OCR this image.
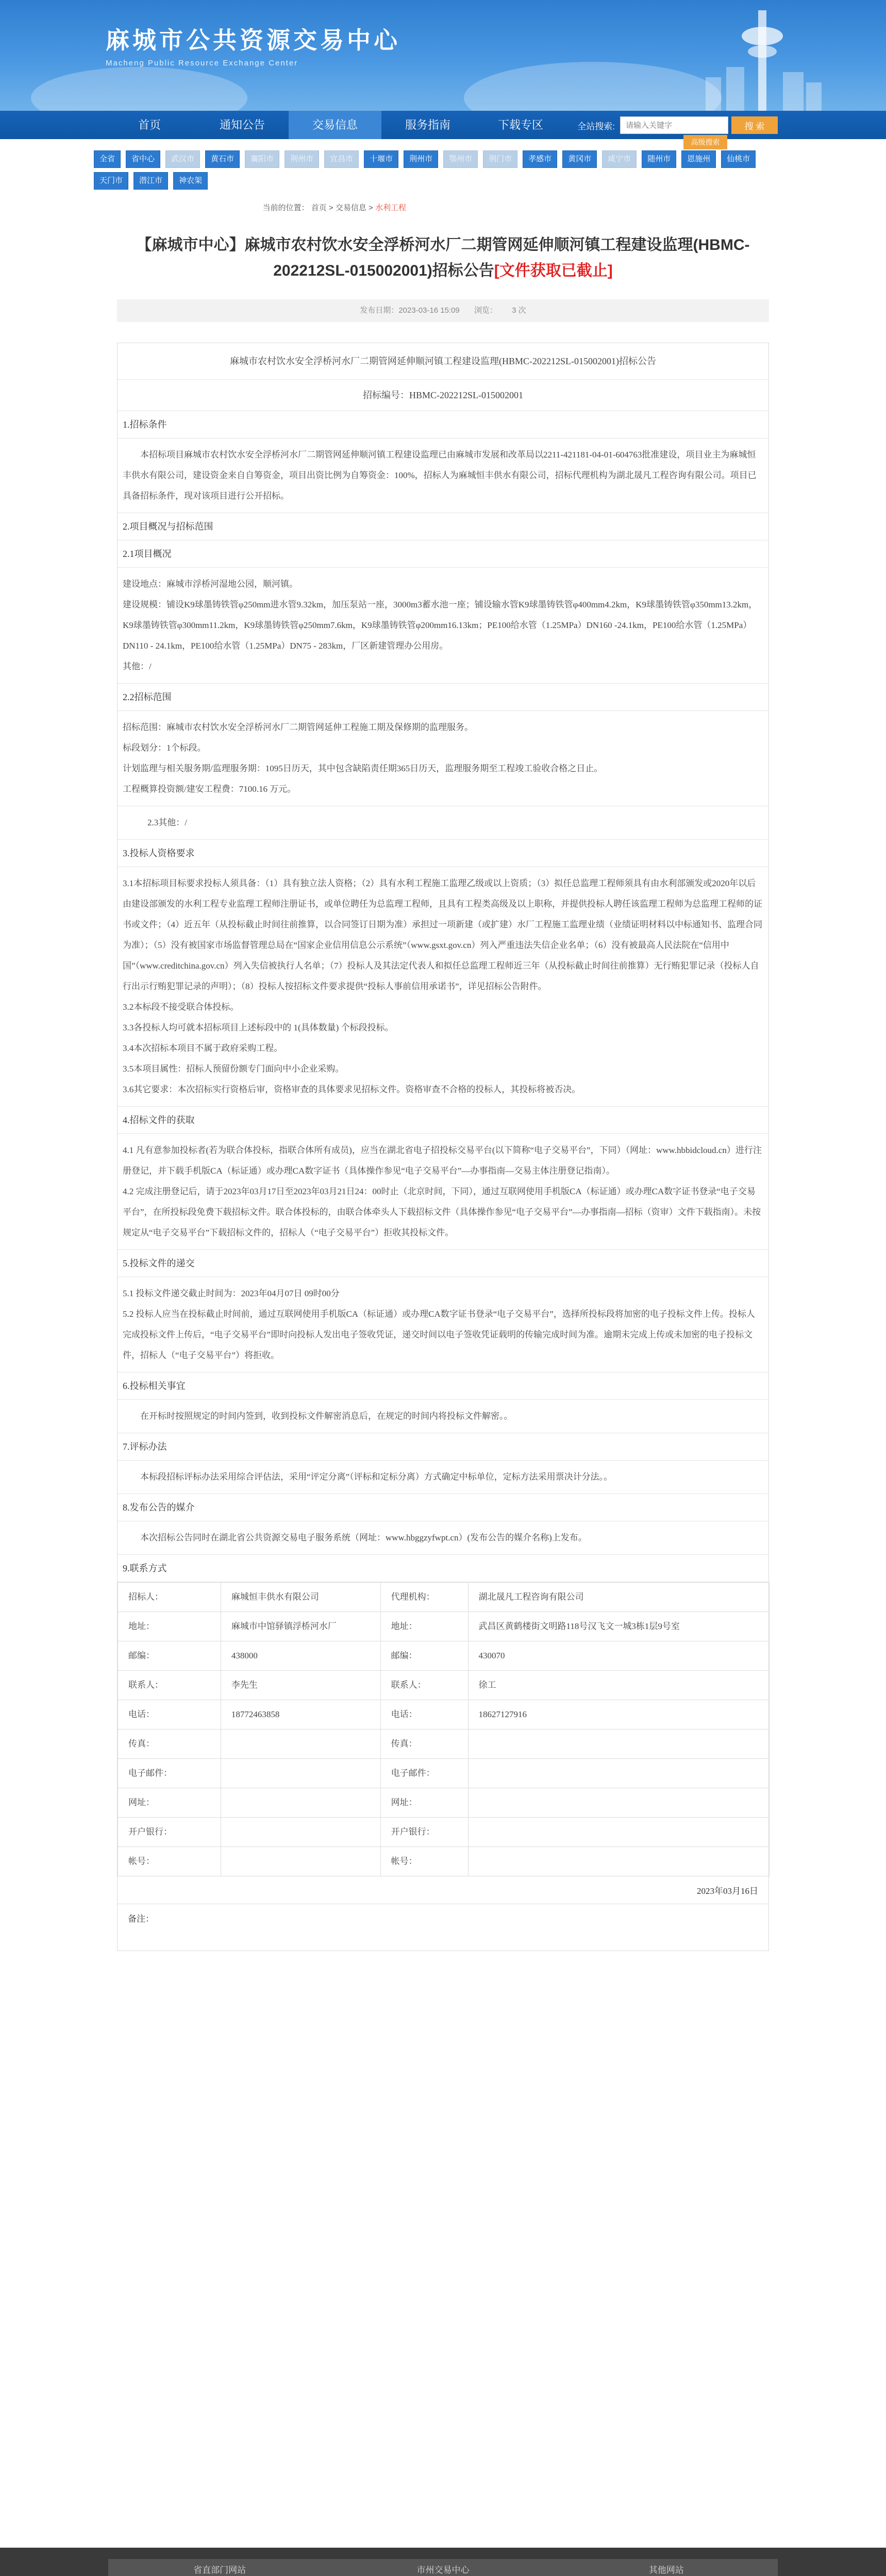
麻城市公共资源交易中心
Macheng Public Resource Exchange Center
首页	通知公告	交易信息	服务指南	下载专区	全站搜索:
请输入关键字	搜 索
高级搜索
全省	省中心	武汉市	黄石市	襄阳市	荆州市	宜昌市	十堰市	荆州市	鄂州市	荆门市	孝感市	黄冈市	咸宁市	随州市	恩施州	仙桃市
天门市	潜江市	神农架
当前的位置： 首页 > 交易信息 > 水利工程
【麻城市中心】麻城市农村饮水安全浮桥河水厂二期管网延伸顺河镇工程建设监理(HBMC-202212SL-015002001)招标公告[文件获取已截止]
发布日期：2023-03-16 15:09 浏览： 3 次
麻城市农村饮水安全浮桥河水厂二期管网延伸顺河镇工程建设监理(HBMC-202212SL-015002001)招标公告
招标编号：HBMC-202212SL-015002001
1.招标条件

本招标项目麻城市农村饮水安全浮桥河水厂二期管网延伸顺河镇工程建设监理已由麻城市发展和改革局以2211-421181-04-01-604763批准建设，项目业主为麻城恒丰供水有限公司，建设资金来自自筹资金，项目出资比例为自筹资金：100%，招标人为麻城恒丰供水有限公司，招标代理机构为湖北晟凡工程咨询有限公司。项目已具备招标条件，现对该项目进行公开招标。

2.项目概况与招标范围
2.1项目概况

建设地点：麻城市浮桥河湿地公园，顺河镇。

建设规模：铺设K9球墨铸铁管φ250mm进水管9.32km，加压泵站一座，3000m3蓄水池一座；铺设输水管K9球墨铸铁管φ400mm4.2km，K9球墨铸铁管φ350mm13.2km，K9球墨铸铁管φ300mm11.2km，K9球墨铸铁管φ250mm7.6km，K9球墨铸铁管φ200mm16.13km；PE100给水管（1.25MPa）DN160 -24.1km，PE100给水管（1.25MPa）DN110 - 24.1km，PE100给水管（1.25MPa）DN75 - 283km，厂区新建管理办公用房。

其他：/

2.2招标范围

招标范围：麻城市农村饮水安全浮桥河水厂二期管网延伸工程施工期及保修期的监理服务。

标段划分：1个标段。

计划监理与相关服务期/监理服务期：1095日历天，其中包含缺陷责任期365日历天，监理服务期至工程竣工验收合格之日止。

工程概算投资额/建安工程费：7100.16 万元。

2.3其他：/

3.投标人资格要求

3.1本招标项目标要求投标人须具备：（1）具有独立法人资格；（2）具有水利工程施工监理乙级或以上资质；（3）拟任总监理工程师须具有由水利部颁发或2020年以后由建设部颁发的水利工程专业监理工程师注册证书，或单位聘任为总监理工程师，且具有工程类高级及以上职称，并提供投标人聘任该监理工程师为总监理工程师的证书或文件；（4）近五年（从投标截止时间往前推算，以合同签订日期为准）承担过一项新建（或扩建）水厂工程施工监理业绩（业绩证明材料以中标通知书、监理合同为准）；（5）没有被国家市场监督管理总局在“国家企业信用信息公示系统”（www.gsxt.gov.cn）列入严重违法失信企业名单；（6）没有被最高人民法院在“信用中国”（www.creditchina.gov.cn）列入失信被执行人名单；（7）投标人及其法定代表人和拟任总监理工程师近三年（从投标截止时间往前推算）无行贿犯罪记录（投标人自行出示行贿犯罪记录的声明）；（8）投标人按招标文件要求提供“投标人事前信用承诺书”，详见招标公告附件。

3.2本标段不接受联合体投标。

3.3各投标人均可就本招标项目上述标段中的 1(具体数量) 个标段投标。

3.4本次招标本项目不属于政府采购工程。

3.5本项目属性：招标人预留份额专门面向中小企业采购。

3.6其它要求：本次招标实行资格后审，资格审查的具体要求见招标文件。资格审查不合格的投标人，其投标将被否决。

4.招标文件的获取

4.1 凡有意参加投标者(若为联合体投标，指联合体所有成员)，应当在湖北省电子招投标交易平台(以下简称“电子交易平台”，下同）（网址：www.hbbidcloud.cn）进行注册登记，并下载手机版CA（标证通）或办理CA数字证书（具体操作参见“电子交易平台”—办事指南—交易主体注册登记指南）。

4.2 完成注册登记后，请于2023年03月17日至2023年03月21日24：00时止（北京时间，下同），通过互联网使用手机版CA（标证通）或办理CA数字证书登录“电子交易平台”，在所投标段免费下载招标文件。联合体投标的，由联合体牵头人下载招标文件（具体操作参见“电子交易平台”—办事指南—招标（资审）文件下载指南）。未按规定从“电子交易平台”下载招标文件的，招标人（“电子交易平台”）拒收其投标文件。

5.投标文件的递交

5.1 投标文件递交截止时间为：2023年04月07日 09时00分

5.2 投标人应当在投标截止时间前，通过互联网使用手机版CA（标证通）或办理CA数字证书登录“电子交易平台”，选择所投标段将加密的电子投标文件上传。投标人完成投标文件上传后，“电子交易平台”即时向投标人发出电子签收凭证，递交时间以电子签收凭证载明的传输完成时间为准。逾期未完成上传或未加密的电子投标文件，招标人（“电子交易平台”）将拒收。

6.投标相关事宜

在开标时按照规定的时间内签到，收到投标文件解密消息后，在规定的时间内将投标文件解密。。

7.评标办法

本标段招标评标办法采用综合评估法，采用“评定分离”（评标和定标分离）方式确定中标单位，定标方法采用票决计分法。。

8.发布公告的媒介

本次招标公告同时在湖北省公共资源交易电子服务系统（网址：www.hbggzyfwpt.cn）(发布公告的媒介名称)上发布。

9.联系方式
招标人：	麻城恒丰供水有限公司	代理机构：	湖北晟凡工程咨询有限公司
地址：	麻城市中馆驿镇浮桥河水厂	地址：	武昌区黄鹤楼街文明路118号汉飞文一城3栋1层9号室
邮编：	438000	邮编：	430070
联系人：	李先生	联系人：	徐工
电话：	18772463858	电话：	18627127916
传真：		传真：	
电子邮件：		电子邮件：	
网址：		网址：	
开户银行：		开户银行：	
帐号：		帐号：	
2023年03月16日
备注：
省直部门网站	市州交易中心	其他网站
